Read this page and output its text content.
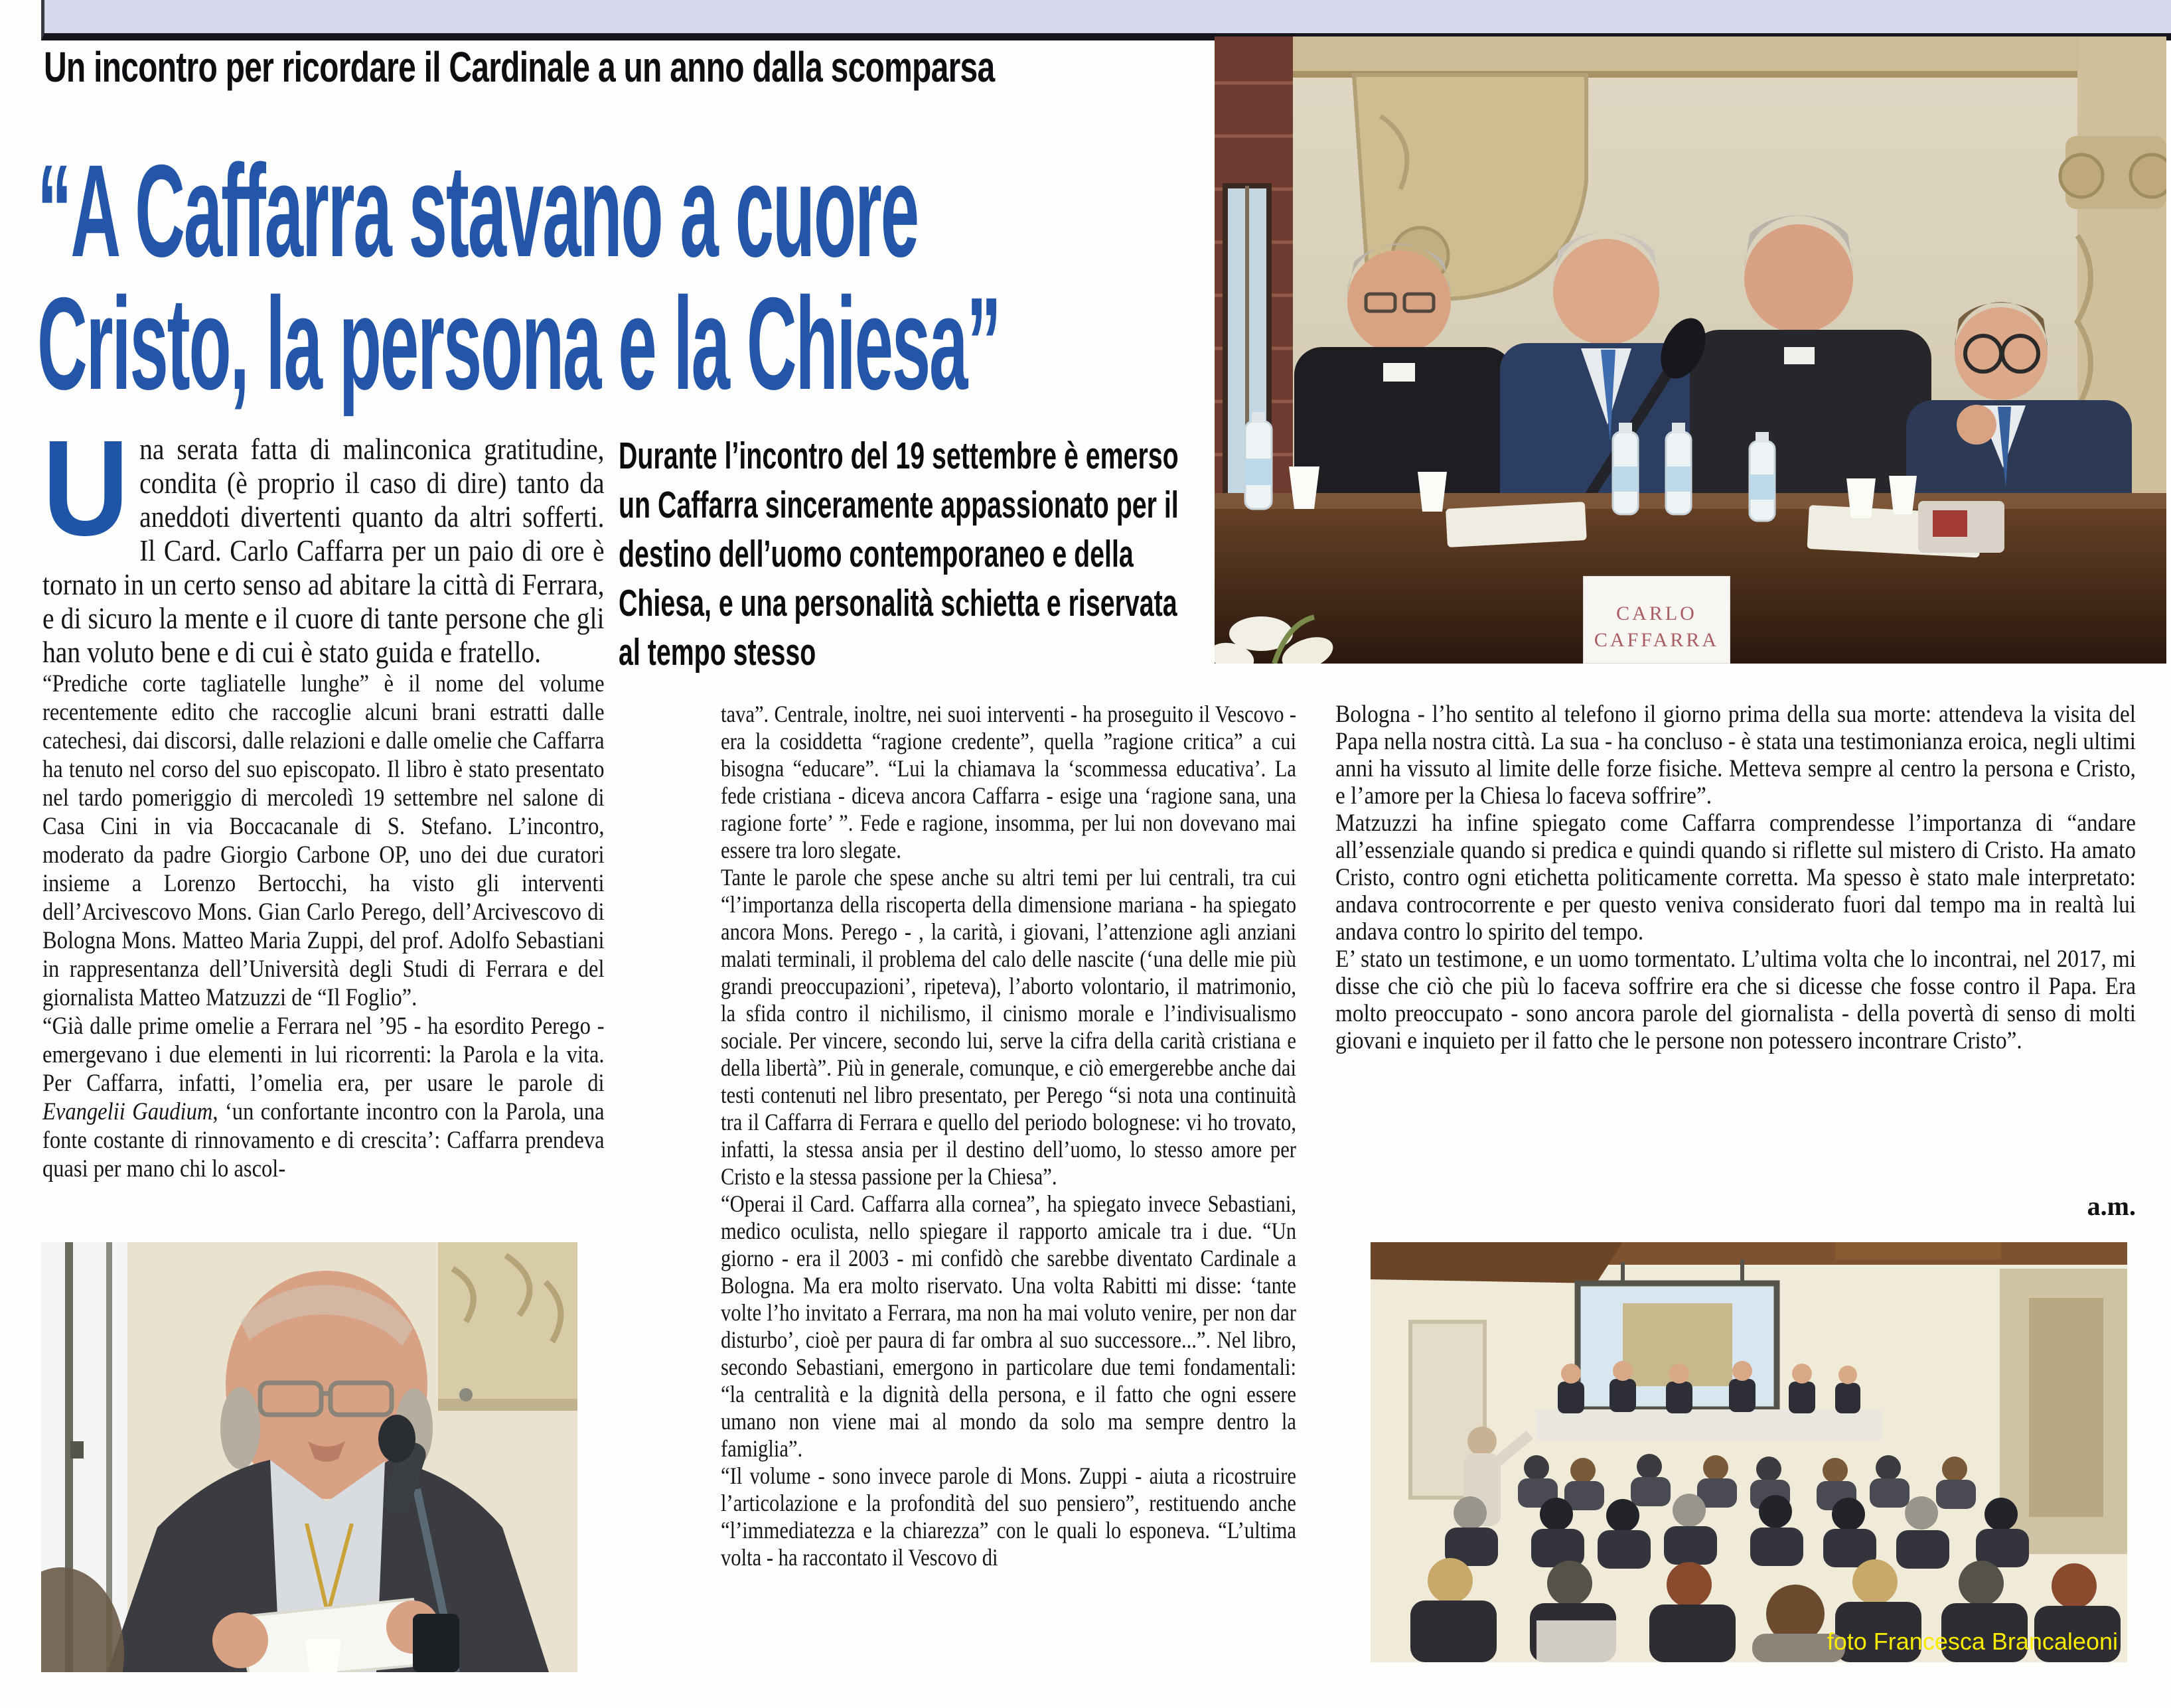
Un incontro per ricordare il Cardinale a un anno dalla scomparsa
“A Caffarra stavano a cuore
Cristo, la persona e la Chiesa”
Durante l’incontro del 19 settembre è emerso un Caffarra sinceramente appassionato per il destino dell’uomo contemporaneo e della Chiesa, e una personalità schietta e riservata al tempo stesso

Una serata fatta di malinconica gratitudine, condita (è proprio il caso di dire) tanto da aneddoti divertenti quanto da altri sofferti. Il Card. Carlo Caffarra per un paio di ore è tornato in un certo senso ad abitare la città di Ferrara, e di sicuro la mente e il cuore di tante persone che gli han voluto bene e di cui è stato guida e fratello.

“Prediche corte tagliatelle lunghe” è il nome del volume recentemente edito che raccoglie alcuni brani estratti dalle catechesi, dai discorsi, dalle relazioni e dalle omelie che Caffarra ha tenuto nel corso del suo episcopato. Il libro è stato presentato nel tardo pomeriggio di mercoledì 19 settembre nel salone di Casa Cini in via Boccacanale di S. Stefano. L’incontro, moderato da padre Giorgio Carbone OP, uno dei due curatori insieme a Lorenzo Bertocchi, ha visto gli interventi dell’Arcivescovo Mons. Gian Carlo Perego, dell’Arcivescovo di Bologna Mons. Matteo Maria Zuppi, del prof. Adolfo Sebastiani in rappresentanza dell’Università degli Studi di Ferrara e del giornalista Matteo Matzuzzi de “Il Foglio”.

“Già dalle prime omelie a Ferrara nel ’95 - ha esordito Perego - emergevano i due elementi in lui ricorrenti: la Parola e la vita. Per Caffarra, infatti, l’omelia era, per usare le parole di Evangelii Gaudium, ‘un confortante incontro con la Parola, una fonte costante di rinnovamento e di crescita’: Caffarra prendeva quasi per mano chi lo ascol-

tava”. Centrale, inoltre, nei suoi interventi - ha proseguito il Vescovo - era la cosiddetta “ragione credente”, quella ”ragione critica” a cui bisogna “educare”. “Lui la chiamava la ‘scommessa educativa’. La fede cristiana - diceva ancora Caffarra - esige una ‘ragione sana, una ragione forte’ ”. Fede e ragione, insomma, per lui non dovevano mai essere tra loro slegate.

Tante le parole che spese anche su altri temi per lui centrali, tra cui “l’importanza della riscoperta della dimensione mariana - ha spiegato ancora Mons. Perego - , la carità, i giovani, l’attenzione agli anziani malati terminali, il problema del calo delle nascite (‘una delle mie più grandi preoccupazioni’, ripeteva), l’aborto volontario, il matrimonio, la sfida contro il nichilismo, il cinismo morale e l’indivisualismo sociale. Per vincere, secondo lui, serve la cifra della carità cristiana e della libertà”. Più in generale, comunque, e ciò emergerebbe anche dai testi contenuti nel libro presentato, per Perego “si nota una continuità tra il Caffarra di Ferrara e quello del periodo bolognese: vi ho trovato, infatti, la stessa ansia per il destino dell’uomo, lo stesso amore per Cristo e la stessa passione per la Chiesa”.

“Operai il Card. Caffarra alla cornea”, ha spiegato invece Sebastiani, medico oculista, nello spiegare il rapporto amicale tra i due. “Un giorno - era il 2003 - mi confidò che sarebbe diventato Cardinale a Bologna. Ma era molto riservato. Una volta Rabitti mi disse: ‘tante volte l’ho invitato a Ferrara, ma non ha mai voluto venire, per non dar disturbo’, cioè per paura di far ombra al suo successore...”. Nel libro, secondo Sebastiani, emergono in particolare due temi fondamentali: “la centralità e la dignità della persona, e il fatto che ogni essere umano non viene mai al mondo da solo ma sempre dentro la famiglia”.

“Il volume - sono invece parole di Mons. Zuppi - aiuta a ricostruire l’articolazione e la profondità del suo pensiero”, restituendo anche “l’immediatezza e la chiarezza” con le quali lo esponeva. “L’ultima volta - ha raccontato il Vescovo di

Bologna - l’ho sentito al telefono il giorno prima della sua morte: attendeva la visita del Papa nella nostra città. La sua - ha concluso - è stata una testimonianza eroica, negli ultimi anni ha vissuto al limite delle forze fisiche. Metteva sempre al centro la persona e Cristo, e l’amore per la Chiesa lo faceva soffrire”.

Matzuzzi ha infine spiegato come Caffarra comprendesse l’importanza di “andare all’essenziale quando si predica e quindi quando si riflette sul mistero di Cristo. Ha amato Cristo, contro ogni etichetta politicamente corretta. Ma spesso è stato male interpretato: andava controcorrente e per questo veniva considerato fuori dal tempo ma in realtà lui andava contro lo spirito del tempo.

E’ stato un testimone, e un uomo tormentato. L’ultima volta che lo incontrai, nel 2017, mi disse che ciò che più lo faceva soffrire era che si dicesse che fosse contro il Papa. Era molto preoccupato - sono ancora parole del giornalista - della povertà di senso di molti giovani e inquieto per il fatto che le persone non potessero incontrare Cristo”.

a.m.
CARLO
CAFFARRA
foto Francesca Brancaleoni
